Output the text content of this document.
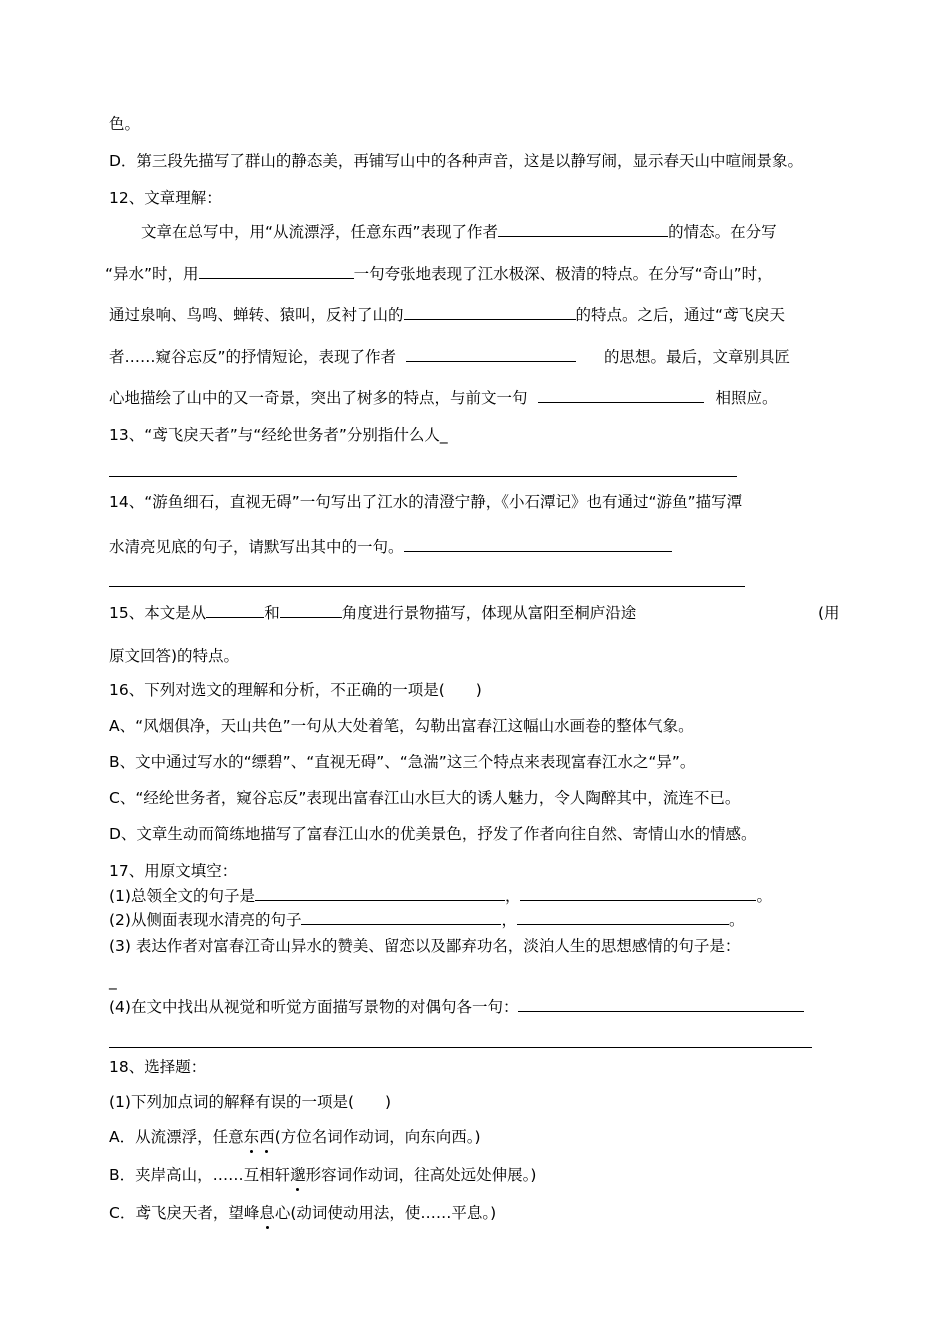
色。
D．第三段先描写了群山的静态美，再铺写山中的各种声音，这是以静写闹，显示春天山中喧闹景象。
12、文章理解：
文章在总写中，用“从流漂浮，任意东西”表现了作者	的情态。在分写
“异水”时，用	一句夸张地表现了江水极深、极清的特点。在分写“奇山”时，
通过泉响、鸟鸣、蝉转、猿叫，反衬了山的	的特点。之后，通过“鸢飞戾天
者……窥谷忘反”的抒情短论，表现了作者	的思想。最后，文章别具匠
心地描绘了山中的又一奇景，突出了树多的特点，与前文一句	相照应。
13、“鸢飞戾天者”与“经纶世务者”分别指什么人_
14、“游鱼细石，直视无碍”一句写出了江水的清澄宁静，《小石潭记》也有通过“游鱼”描写潭
水清亮见底的句子，请默写出其中的一句。
15、本文是从	和	角度进行景物描写，体现从富阳至桐庐沿途	(用
原文回答)的特点。
16、下列对选文的理解和分析，不正确的一项是(　　)
A、“风烟俱净，天山共色”一句从大处着笔，勾勒出富春江这幅山水画卷的整体气象。
B、文中通过写水的“缥碧”、“直视无碍”、“急湍”这三个特点来表现富春江水之“异”。
C、“经纶世务者，窥谷忘反”表现出富春江山水巨大的诱人魅力，令人陶醉其中，流连不已。
D、文章生动而简练地描写了富春江山水的优美景色，抒发了作者向往自然、寄情山水的情感。
17、用原文填空：
(1)总领全文的句子是	，	。
(2)从侧面表现水清亮的句子	，	。
(3) 表达作者对富春江奇山异水的赞美、留恋以及鄙弃功名，淡泊人生的思想感情的句子是：
_
(4)在文中找出从视觉和听觉方面描写景物的对偶句各一句：
18、选择题：
(1)下列加点词的解释有误的一项是(　　)
A．从流漂浮，任意东西(方位名词作动词，向东向西。)
B．夹岸高山，……互相轩邈形容词作动词，往高处远处伸展。)
C．鸢飞戾天者，望峰息心(动词使动用法，使……平息。)
